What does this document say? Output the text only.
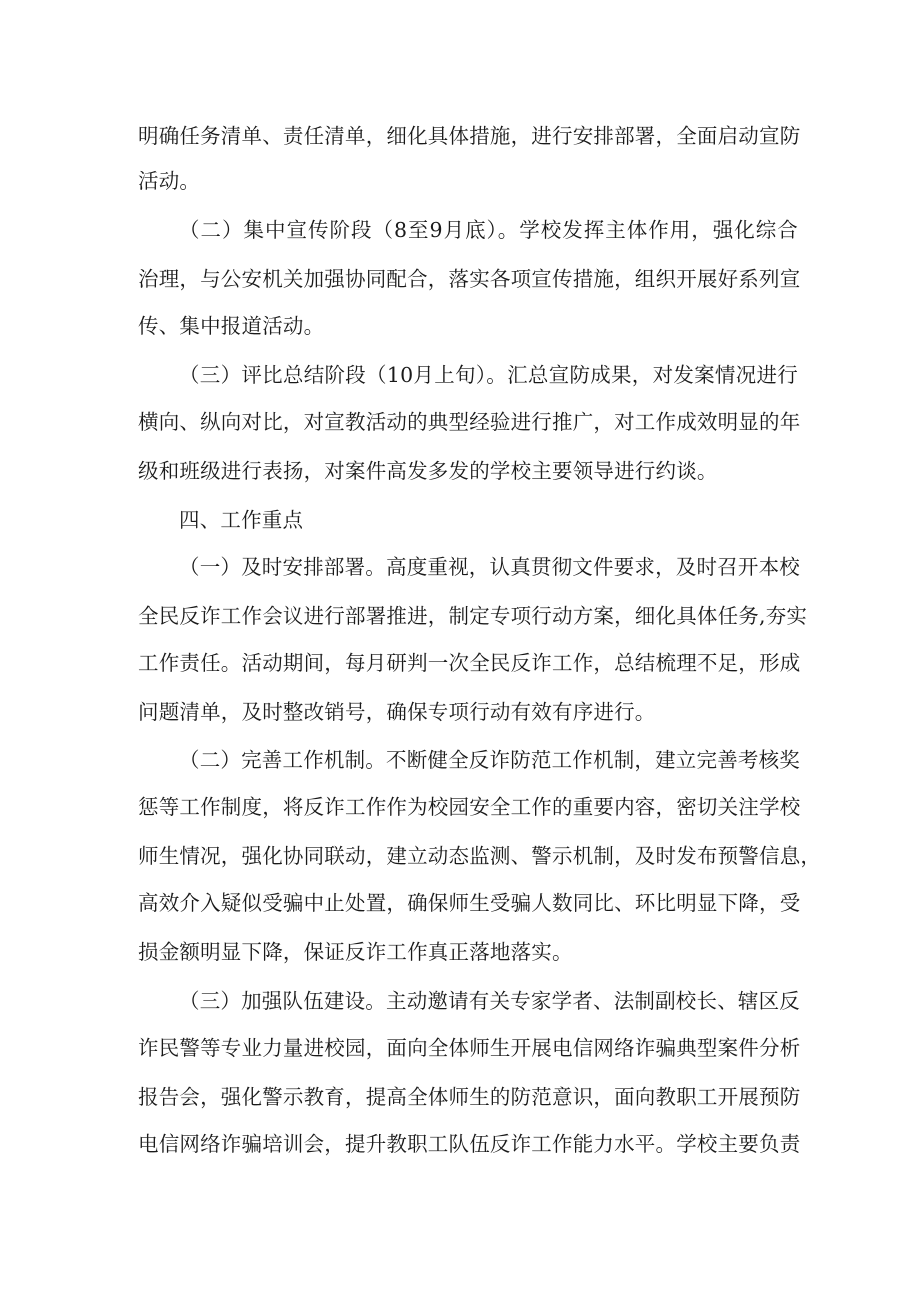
明确任务清单、责任清单，细化具体措施，进行安排部署，全面启动宣防
活动。
（二）集中宣传阶段（8至9月底）。学校发挥主体作用，强化综合
治理，与公安机关加强协同配合，落实各项宣传措施，组织开展好系列宣
传、集中报道活动。
（三）评比总结阶段（10月上旬）。汇总宣防成果，对发案情况进行
横向、纵向对比，对宣教活动的典型经验进行推广，对工作成效明显的年
级和班级进行表扬，对案件高发多发的学校主要领导进行约谈。
四、工作重点
（一）及时安排部署。高度重视，认真贯彻文件要求，及时召开本校
全民反诈工作会议进行部署推进，制定专项行动方案，细化具体任务,夯实
工作责任。活动期间，每月研判一次全民反诈工作，总结梳理不足，形成
问题清单，及时整改销号，确保专项行动有效有序进行。
（二）完善工作机制。不断健全反诈防范工作机制，建立完善考核奖
惩等工作制度，将反诈工作作为校园安全工作的重要内容，密切关注学校
师生情况，强化协同联动，建立动态监测、警示机制，及时发布预警信息，
高效介入疑似受骗中止处置，确保师生受骗人数同比、环比明显下降，受
损金额明显下降，保证反诈工作真正落地落实。
（三）加强队伍建设。主动邀请有关专家学者、法制副校长、辖区反
诈民警等专业力量进校园，面向全体师生开展电信网络诈骗典型案件分析
报告会，强化警示教育，提高全体师生的防范意识，面向教职工开展预防
电信网络诈骗培训会，提升教职工队伍反诈工作能力水平。学校主要负责
